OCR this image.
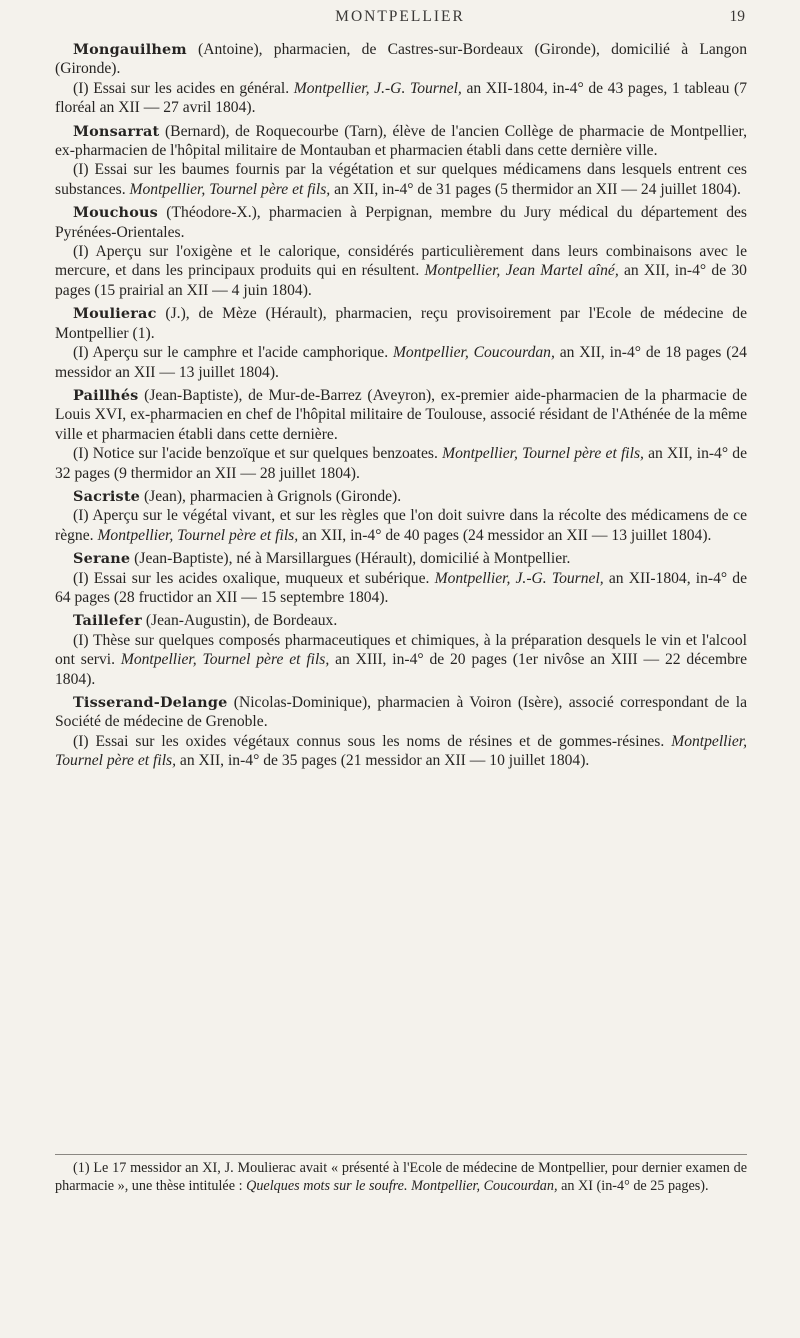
MONTPELLIER	19

Mongauilhem (Antoine), pharmacien, de Castres-sur-Bordeaux (Gironde), domicilié à Langon (Gironde).

(I) Essai sur les acides en général. Montpellier, J.-G. Tournel, an XII-1804, in-4° de 43 pages, 1 tableau (7 floréal an XII — 27 avril 1804).

Monsarrat (Bernard), de Roquecourbe (Tarn), élève de l'ancien Collège de pharmacie de Montpellier, ex-pharmacien de l'hôpital militaire de Montauban et pharmacien établi dans cette dernière ville.

(I) Essai sur les baumes fournis par la végétation et sur quelques médicamens dans lesquels entrent ces substances. Montpellier, Tournel père et fils, an XII, in-4° de 31 pages (5 thermidor an XII — 24 juillet 1804).

Mouchous (Théodore-X.), pharmacien à Perpignan, membre du Jury médical du département des Pyrénées-Orientales.

(I) Aperçu sur l'oxigène et le calorique, considérés particulièrement dans leurs combinaisons avec le mercure, et dans les principaux produits qui en résultent. Montpellier, Jean Martel aîné, an XII, in-4° de 30 pages (15 prairial an XII — 4 juin 1804).

Moulierac (J.), de Mèze (Hérault), pharmacien, reçu provisoirement par l'Ecole de médecine de Montpellier (1).

(I) Aperçu sur le camphre et l'acide camphorique. Montpellier, Coucourdan, an XII, in-4° de 18 pages (24 messidor an XII — 13 juillet 1804).

Paillhés (Jean-Baptiste), de Mur-de-Barrez (Aveyron), ex-premier aide-pharmacien de la pharmacie de Louis XVI, ex-pharmacien en chef de l'hôpital militaire de Toulouse, associé résidant de l'Athénée de la même ville et pharmacien établi dans cette dernière.

(I) Notice sur l'acide benzoïque et sur quelques benzoates. Montpellier, Tournel père et fils, an XII, in-4° de 32 pages (9 thermidor an XII — 28 juillet 1804).

Sacriste (Jean), pharmacien à Grignols (Gironde).

(I) Aperçu sur le végétal vivant, et sur les règles que l'on doit suivre dans la récolte des médicamens de ce règne. Montpellier, Tournel père et fils, an XII, in-4° de 40 pages (24 messidor an XII — 13 juillet 1804).

Serane (Jean-Baptiste), né à Marsillargues (Hérault), domicilié à Montpellier.

(I) Essai sur les acides oxalique, muqueux et subérique. Montpellier, J.-G. Tournel, an XII-1804, in-4° de 64 pages (28 fructidor an XII — 15 septembre 1804).

Taillefer (Jean-Augustin), de Bordeaux.

(I) Thèse sur quelques composés pharmaceutiques et chimiques, à la préparation desquels le vin et l'alcool ont servi. Montpellier, Tournel père et fils, an XIII, in-4° de 20 pages (1er nivôse an XIII — 22 décembre 1804).

Tisserand-Delange (Nicolas-Dominique), pharmacien à Voiron (Isère), associé correspondant de la Société de médecine de Grenoble.

(I) Essai sur les oxides végétaux connus sous les noms de résines et de gommes-résines. Montpellier, Tournel père et fils, an XII, in-4° de 35 pages (21 messidor an XII — 10 juillet 1804).

(1) Le 17 messidor an XI, J. Moulierac avait « présenté à l'Ecole de médecine de Montpellier, pour dernier examen de pharmacie », une thèse intitulée : Quelques mots sur le soufre. Montpellier, Coucourdan, an XI (in-4° de 25 pages).
